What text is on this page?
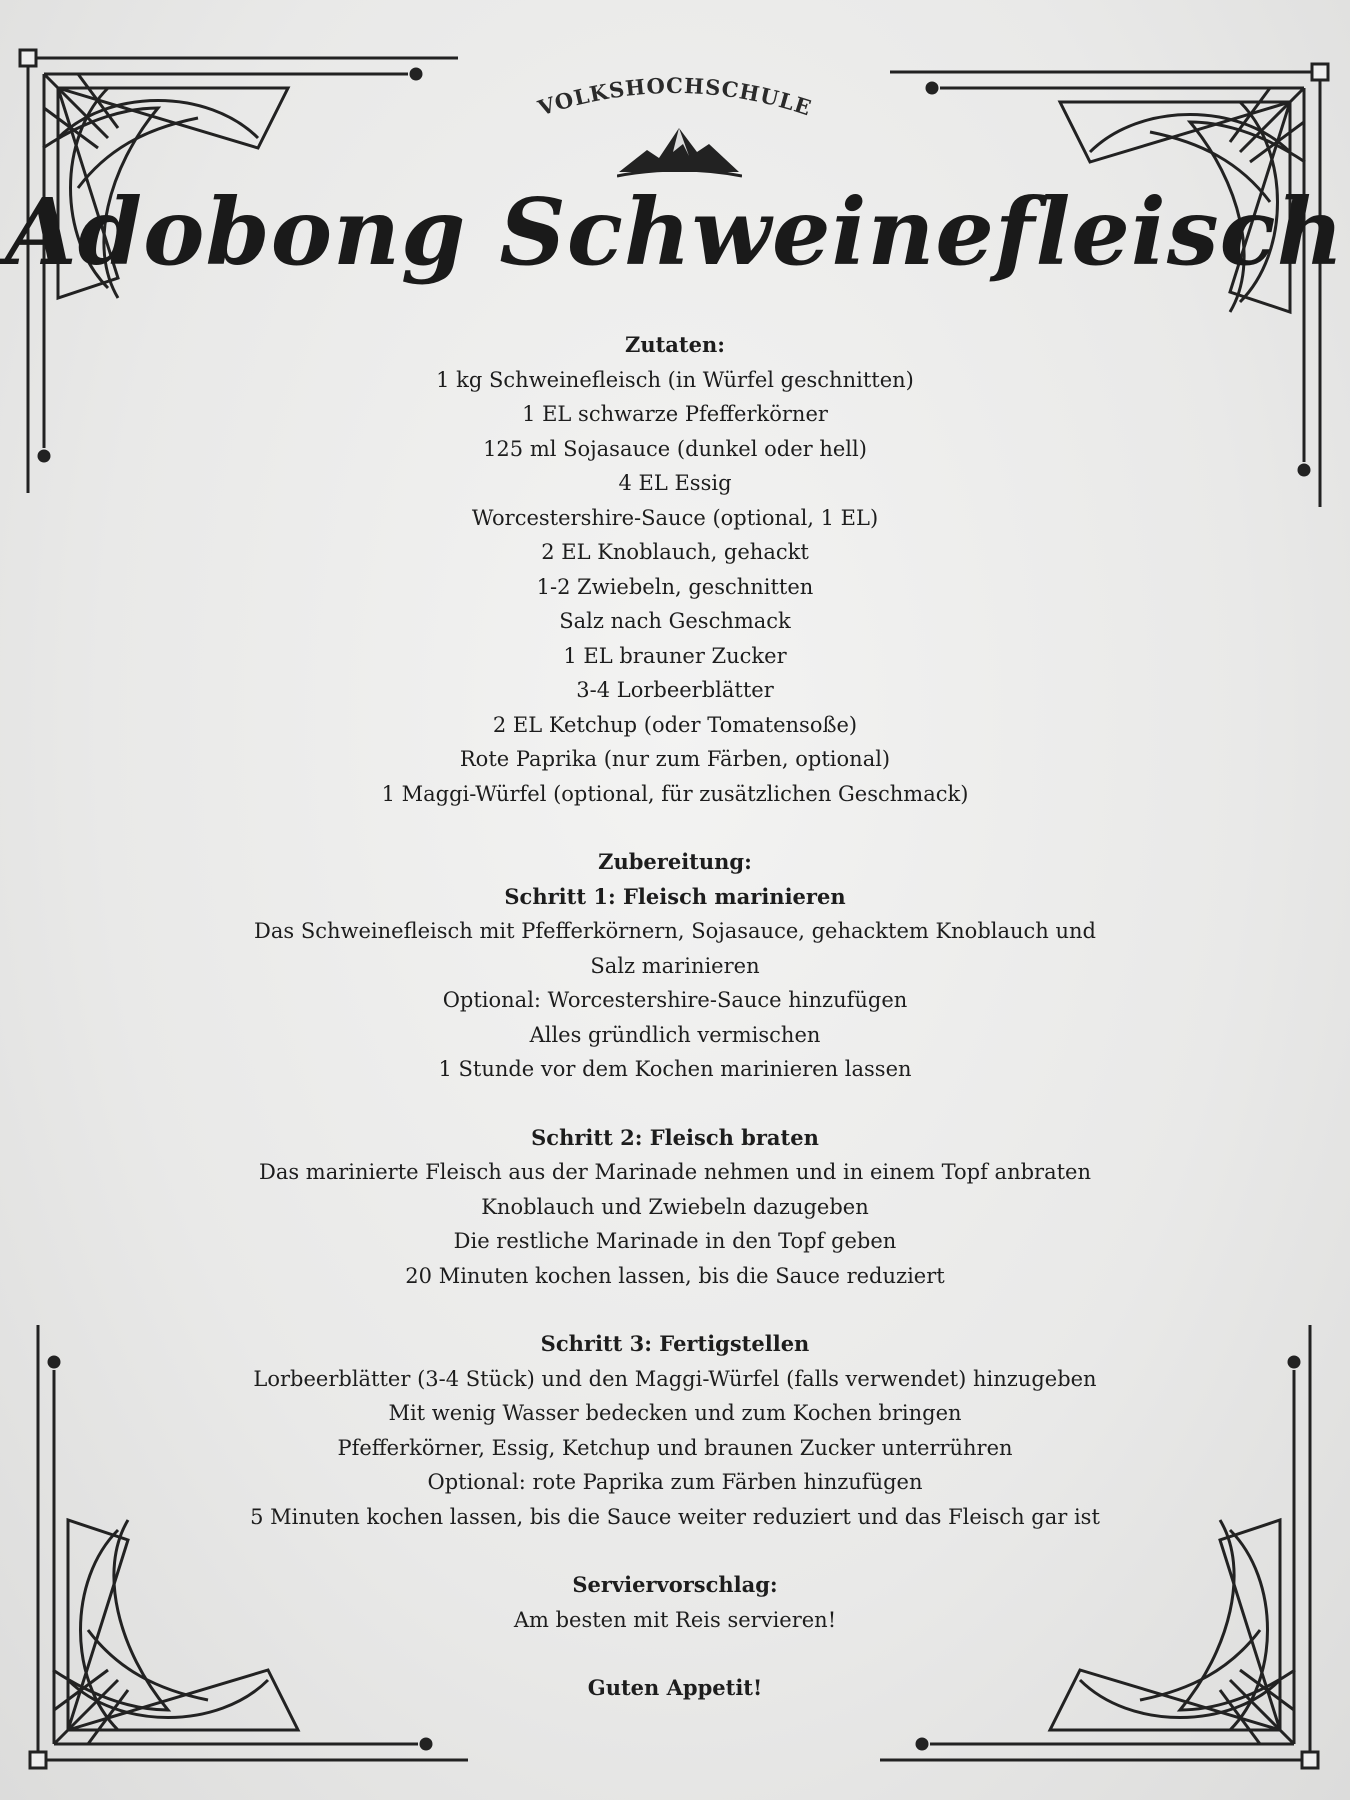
VOLKSHOCHSCHULE
Adobong Schweinefleisch

Zutaten:

1 kg Schweinefleisch (in Würfel geschnitten)

1 EL schwarze Pfefferkörner

125 ml Sojasauce (dunkel oder hell)

4 EL Essig

Worcestershire-Sauce (optional, 1 EL)

2 EL Knoblauch, gehackt

1-2 Zwiebeln, geschnitten

Salz nach Geschmack

1 EL brauner Zucker

3-4 Lorbeerblätter

2 EL Ketchup (oder Tomatensoße)

Rote Paprika (nur zum Färben, optional)

1 Maggi-Würfel (optional, für zusätzlichen Geschmack)

Zubereitung:

Schritt 1: Fleisch marinieren

Das Schweinefleisch mit Pfefferkörnern, Sojasauce, gehacktem Knoblauch und

Salz marinieren

Optional: Worcestershire-Sauce hinzufügen

Alles gründlich vermischen

1 Stunde vor dem Kochen marinieren lassen

Schritt 2: Fleisch braten

Das marinierte Fleisch aus der Marinade nehmen und in einem Topf anbraten

Knoblauch und Zwiebeln dazugeben

Die restliche Marinade in den Topf geben

20 Minuten kochen lassen, bis die Sauce reduziert

Schritt 3: Fertigstellen

Lorbeerblätter (3-4 Stück) und den Maggi-Würfel (falls verwendet) hinzugeben

Mit wenig Wasser bedecken und zum Kochen bringen

Pfefferkörner, Essig, Ketchup und braunen Zucker unterrühren

Optional: rote Paprika zum Färben hinzufügen

5 Minuten kochen lassen, bis die Sauce weiter reduziert und das Fleisch gar ist

Serviervorschlag:

Am besten mit Reis servieren!

Guten Appetit!
